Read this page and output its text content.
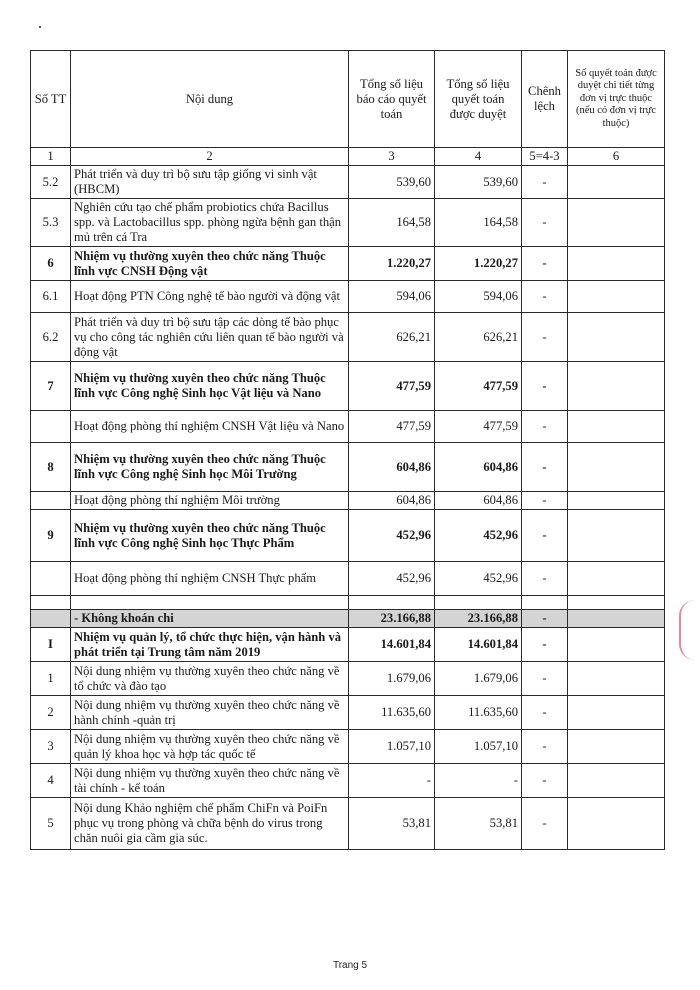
Số TT	Nội dung	Tổng số liệu báo cáo quyết toán	Tổng số liệu quyết toán được duyệt	Chênh lệch	Số quyết toán được duyệt chi tiết từng đơn vị trực thuộc (nếu có đơn vị trực thuộc)
1	2	3	4	5=4-3	6
5.2	Phát triển và duy trì bộ sưu tập giống vi sinh vật (HBCM)	539,60	539,60	-	
5.3	Nghiên cứu tạo chế phẩm probiotics chứa Bacillus spp. và Lactobacillus spp. phòng ngừa bệnh gan thận mủ trên cá Tra	164,58	164,58	-	
6	Nhiệm vụ thường xuyên theo chức năng Thuộc lĩnh vực CNSH Động vật	1.220,27	1.220,27	-	
6.1	Hoạt động PTN Công nghệ tế bào người và động vật	594,06	594,06	-	
6.2	Phát triển và duy trì bộ sưu tập các dòng tế bào phục vụ cho công tác nghiên cứu liên quan tế bào người và động vật	626,21	626,21	-	
7	Nhiệm vụ thường xuyên theo chức năng Thuộc lĩnh vực Công nghệ Sinh học Vật liệu và Nano	477,59	477,59	-	
	Hoạt động phòng thí nghiệm CNSH Vật liệu và Nano	477,59	477,59	-	
8	Nhiệm vụ thường xuyên theo chức năng Thuộc lĩnh vực Công nghệ Sinh học Môi Trường	604,86	604,86	-	
	Hoạt động phòng thí nghiệm Môi trường	604,86	604,86	-	
9	Nhiệm vụ thường xuyên theo chức năng Thuộc lĩnh vực Công nghệ Sinh học Thực Phẩm	452,96	452,96	-	
	Hoạt động phòng thí nghiệm CNSH Thực phẩm	452,96	452,96	-	

	- Không khoán chi	23.166,88	23.166,88	-	
I	Nhiệm vụ quản lý, tổ chức thực hiện, vận hành và phát triển tại Trung tâm năm 2019	14.601,84	14.601,84	-	
1	Nội dung nhiệm vụ thường xuyên theo chức năng về tổ chức và đào tạo	1.679,06	1.679,06	-	
2	Nội dung nhiệm vụ thường xuyên theo chức năng về hành chính -quản trị	11.635,60	11.635,60	-	
3	Nội dung nhiệm vụ thường xuyên theo chức năng về quản lý khoa học và hợp tác quốc tế	1.057,10	1.057,10	-	
4	Nội dung nhiệm vụ thường xuyên theo chức năng về tài chính - kế toán	-	-	-	
5	Nội dung Khảo nghiệm chế phẩm ChiFn và PoiFn phục vụ trong phòng và chữa bệnh do virus trong chăn nuôi gia cầm gia súc.	53,81	53,81	-	
Trang 5
